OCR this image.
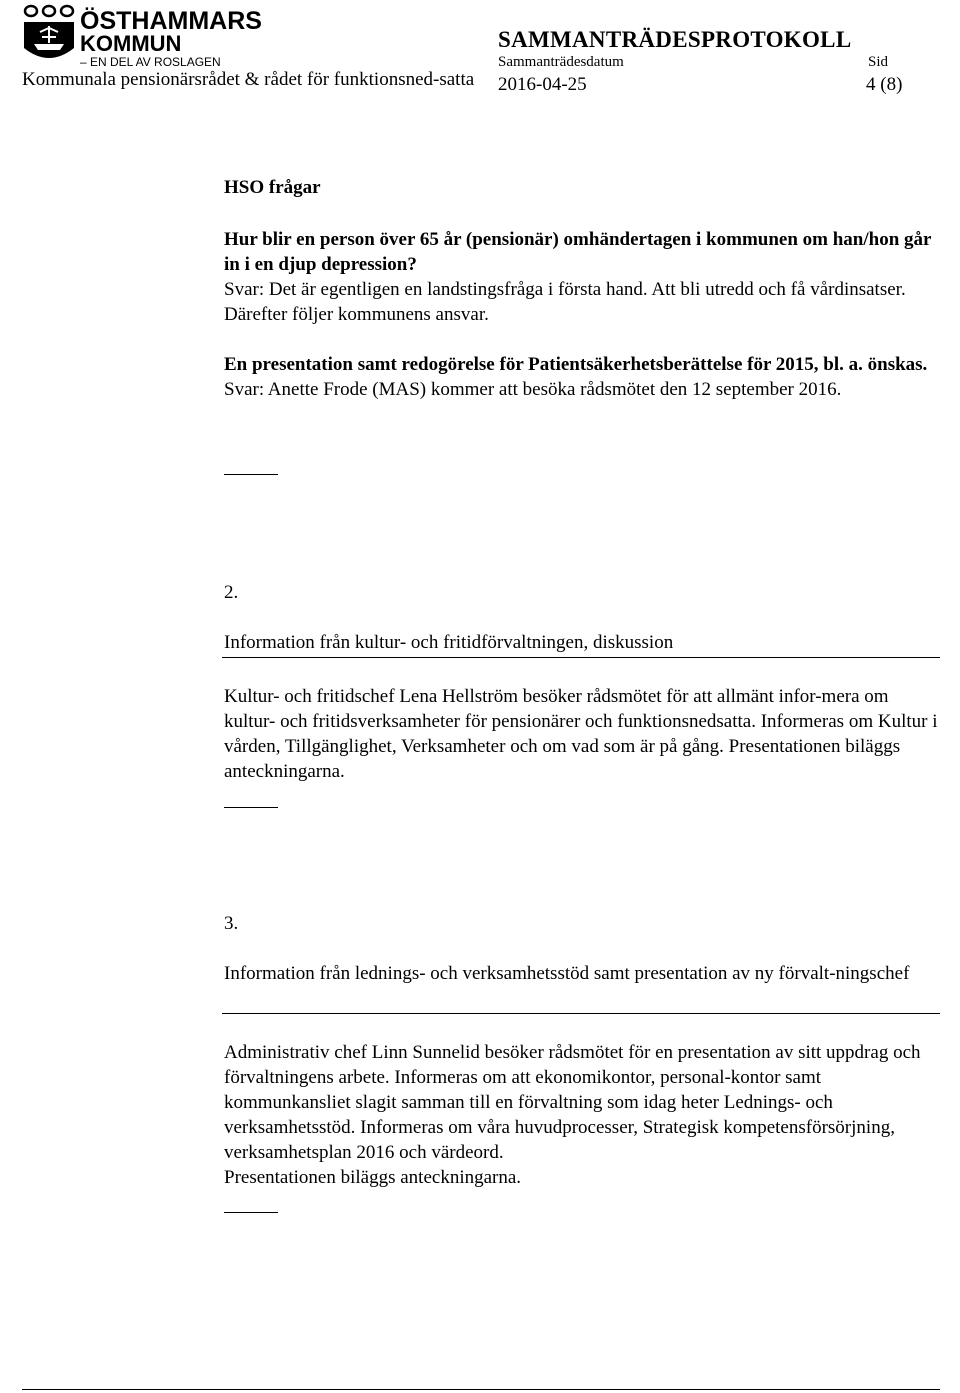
ÖSTHAMMARS
KOMMUN
– EN DEL AV ROSLAGEN
Kommunala pensionärsrådet & rådet för funktionsned-satta
SAMMANTRÄDESPROTOKOLL
Sammanträdesdatum	Sid
2016-04-25	4 (8)
HSO frågar

Hur blir en person över 65 år (pensionär) omhändertagen i kommunen om han/hon går in i en djup depression?

Svar: Det är egentligen en landstingsfråga i första hand. Att bli utredd och få vårdinsatser. Därefter följer kommunens ansvar.

En presentation samt redogörelse för Patientsäkerhetsberättelse för 2015, bl. a. önskas.

Svar: Anette Frode (MAS) kommer att besöka rådsmötet den 12 september 2016.

2.
Information från kultur- och fritidförvaltningen, diskussion
Kultur- och fritidschef Lena Hellström besöker rådsmötet för att allmänt infor-mera om kultur- och fritidsverksamheter för pensionärer och funktionsnedsatta. Informeras om Kultur i vården, Tillgänglighet, Verksamheter och om vad som är på gång. Presentationen biläggs anteckningarna.
3.
Information från lednings- och verksamhetsstöd samt presentation av ny förvalt-ningschef

Administrativ chef Linn Sunnelid besöker rådsmötet för en presentation av sitt uppdrag och förvaltningens arbete. Informeras om att ekonomikontor, personal-kontor samt kommunkansliet slagit samman till en förvaltning som idag heter Lednings- och verksamhetsstöd. Informeras om våra huvudprocesser, Strategisk kompetensförsörjning, verksamhetsplan 2016 och värdeord.

Presentationen biläggs anteckningarna.
